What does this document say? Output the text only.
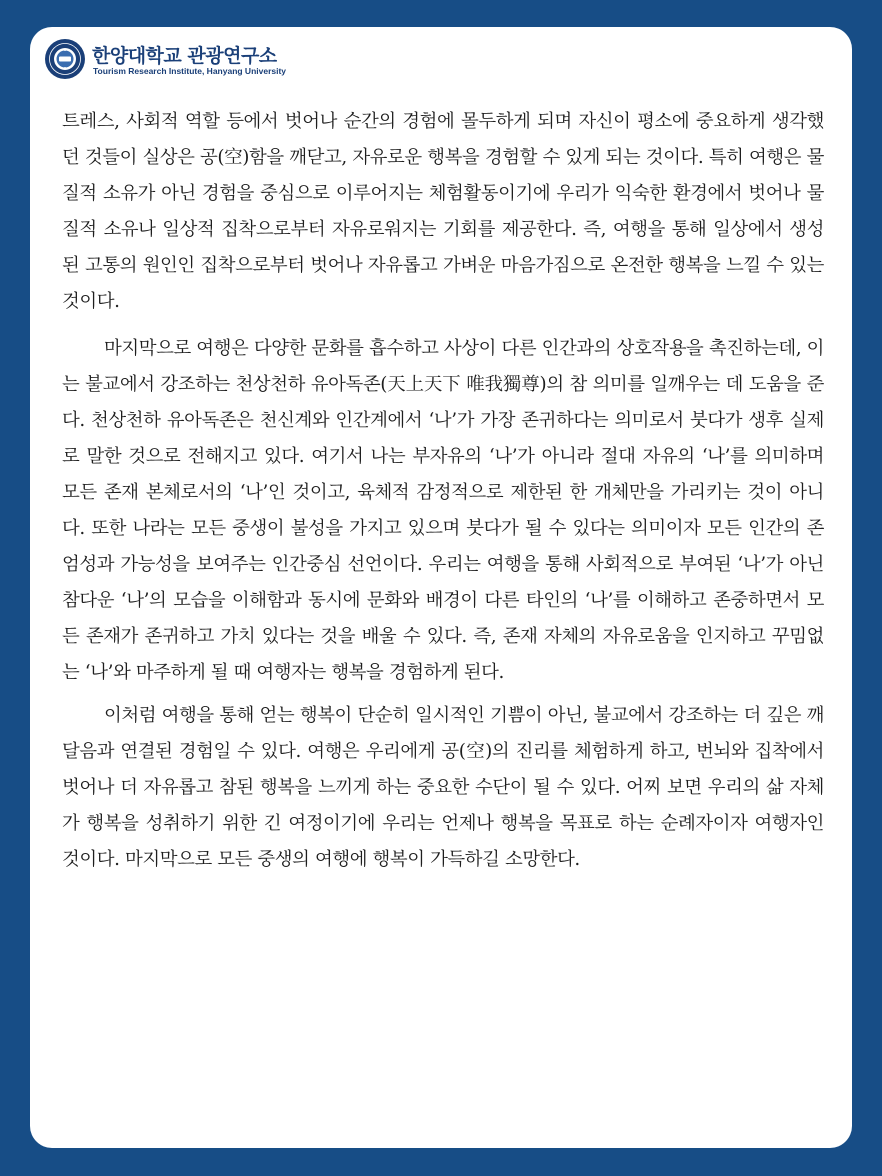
한양대학교 관광연구소
Tourism Research Institute, Hanyang University

트레스, 사회적 역할 등에서 벗어나 순간의 경험에 몰두하게 되며 자신이 평소에 중요하게 생각했던 것들이 실상은 공(空)함을 깨닫고, 자유로운 행복을 경험할 수 있게 되는 것이다. 특히 여행은 물질적 소유가 아닌 경험을 중심으로 이루어지는 체험활동이기에 우리가 익숙한 환경에서 벗어나 물질적 소유나 일상적 집착으로부터 자유로워지는 기회를 제공한다. 즉, 여행을 통해 일상에서 생성된 고통의 원인인 집착으로부터 벗어나 자유롭고 가벼운 마음가짐으로 온전한 행복을 느낄 수 있는 것이다.

마지막으로 여행은 다양한 문화를 흡수하고 사상이 다른 인간과의 상호작용을 촉진하는데, 이는 불교에서 강조하는 천상천하 유아독존(天上天下 唯我獨尊)의 참 의미를 일깨우는 데 도움을 준다. 천상천하 유아독존은 천신계와 인간계에서 ‘나’가 가장 존귀하다는 의미로서 붓다가 생후 실제로 말한 것으로 전해지고 있다. 여기서 나는 부자유의 ‘나’가 아니라 절대 자유의 ‘나’를 의미하며 모든 존재 본체로서의 ‘나’인 것이고, 육체적 감정적으로 제한된 한 개체만을 가리키는 것이 아니다. 또한 나라는 모든 중생이 불성을 가지고 있으며 붓다가 될 수 있다는 의미이자 모든 인간의 존엄성과 가능성을 보여주는 인간중심 선언이다. 우리는 여행을 통해 사회적으로 부여된 ‘나’가 아닌 참다운 ‘나’의 모습을 이해함과 동시에 문화와 배경이 다른 타인의 ‘나’를 이해하고 존중하면서 모든 존재가 존귀하고 가치 있다는 것을 배울 수 있다. 즉, 존재 자체의 자유로움을 인지하고 꾸밈없는 ‘나’와 마주하게 될 때 여행자는 행복을 경험하게 된다.

이처럼 여행을 통해 얻는 행복이 단순히 일시적인 기쁨이 아닌, 불교에서 강조하는 더 깊은 깨달음과 연결된 경험일 수 있다. 여행은 우리에게 공(空)의 진리를 체험하게 하고, 번뇌와 집착에서 벗어나 더 자유롭고 참된 행복을 느끼게 하는 중요한 수단이 될 수 있다. 어찌 보면 우리의 삶 자체가 행복을 성취하기 위한 긴 여정이기에 우리는 언제나 행복을 목표로 하는 순례자이자 여행자인 것이다. 마지막으로 모든 중생의 여행에 행복이 가득하길 소망한다.
